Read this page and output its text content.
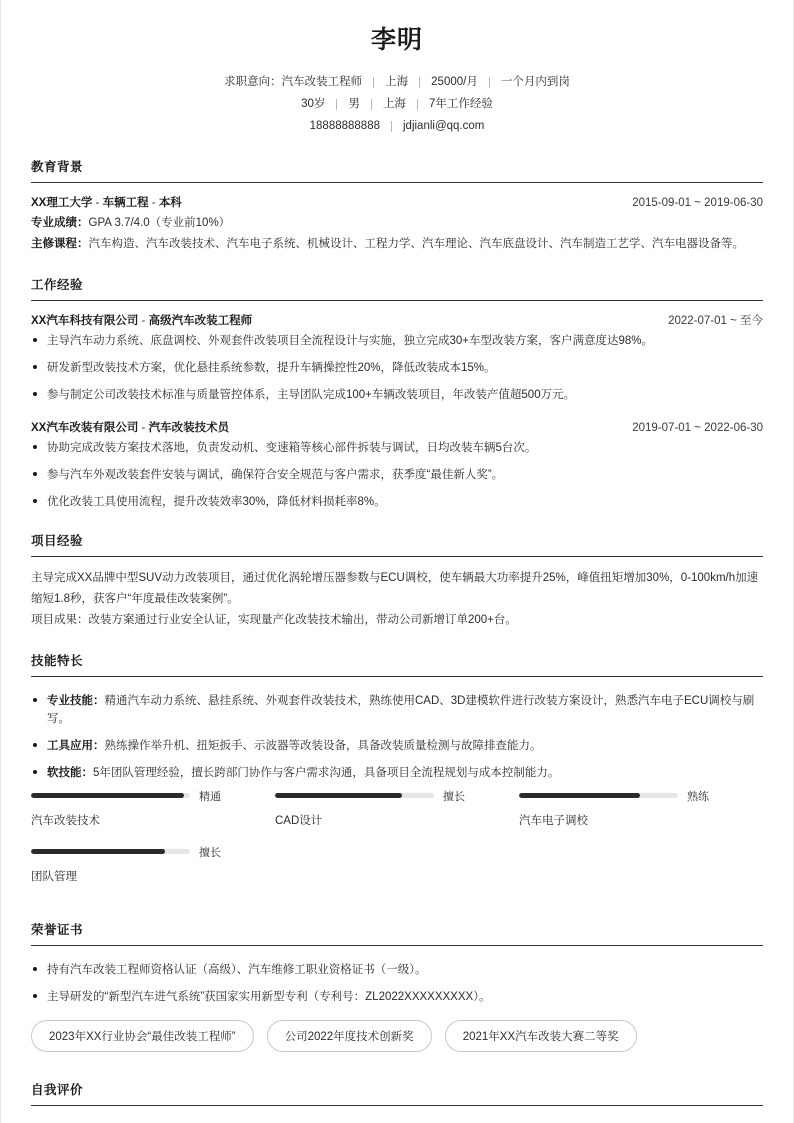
李明
求职意向： 汽车改装工程师 上海 25000/月 一个月内到岗
30岁 男 上海 7年工作经验
18888888888 jdjianli@qq.com
教育背景
XX理工大学 - 车辆工程 - 本科	2015-09-01 ~ 2019-06-30
专业成绩：GPA 3.7/4.0（专业前10%）
主修课程：汽车构造、汽车改装技术、汽车电子系统、机械设计、工程力学、汽车理论、汽车底盘设计、汽车制造工艺学、汽车电器设备等。
工作经验
XX汽车科技有限公司 - 高级汽车改装工程师	2022-07-01 ~ 至今
主导汽车动力系统、底盘调校、外观套件改装项目全流程设计与实施，独立完成30+车型改装方案，客户满意度达98%。
研发新型改装技术方案，优化悬挂系统参数，提升车辆操控性20%，降低改装成本15%。
参与制定公司改装技术标准与质量管控体系，主导团队完成100+车辆改装项目，年改装产值超500万元。
XX汽车改装有限公司 - 汽车改装技术员	2019-07-01 ~ 2022-06-30
协助完成改装方案技术落地，负责发动机、变速箱等核心部件拆装与调试，日均改装车辆5台次。
参与汽车外观改装套件安装与调试，确保符合安全规范与客户需求，获季度“最佳新人奖”。
优化改装工具使用流程，提升改装效率30%，降低材料损耗率8%。
项目经验
主导完成XX品牌中型SUV动力改装项目，通过优化涡轮增压器参数与ECU调校，使车辆最大功率提升25%，峰值扭矩增加30%，0-100km/h加速缩短1.8秒，获客户“年度最佳改装案例”。
项目成果：改装方案通过行业安全认证，实现量产化改装技术输出，带动公司新增订单200+台。
技能特长
专业技能：精通汽车动力系统、悬挂系统、外观套件改装技术，熟练使用CAD、3D建模软件进行改装方案设计，熟悉汽车电子ECU调校与刷写。
工具应用：熟练操作举升机、扭矩扳手、示波器等改装设备，具备改装质量检测与故障排查能力。
软技能：5年团队管理经验，擅长跨部门协作与客户需求沟通，具备项目全流程规划与成本控制能力。
精通
汽车改装技术
擅长
CAD设计
熟练
汽车电子调校
擅长
团队管理
荣誉证书
持有汽车改装工程师资格认证（高级）、汽车维修工职业资格证书（一级）。
主导研发的“新型汽车进气系统”获国家实用新型专利（专利号：ZL2022XXXXXXXXX）。
2023年XX行业协会“最佳改装工程师”	公司2022年度技术创新奖	2021年XX汽车改装大赛二等奖
自我评价
